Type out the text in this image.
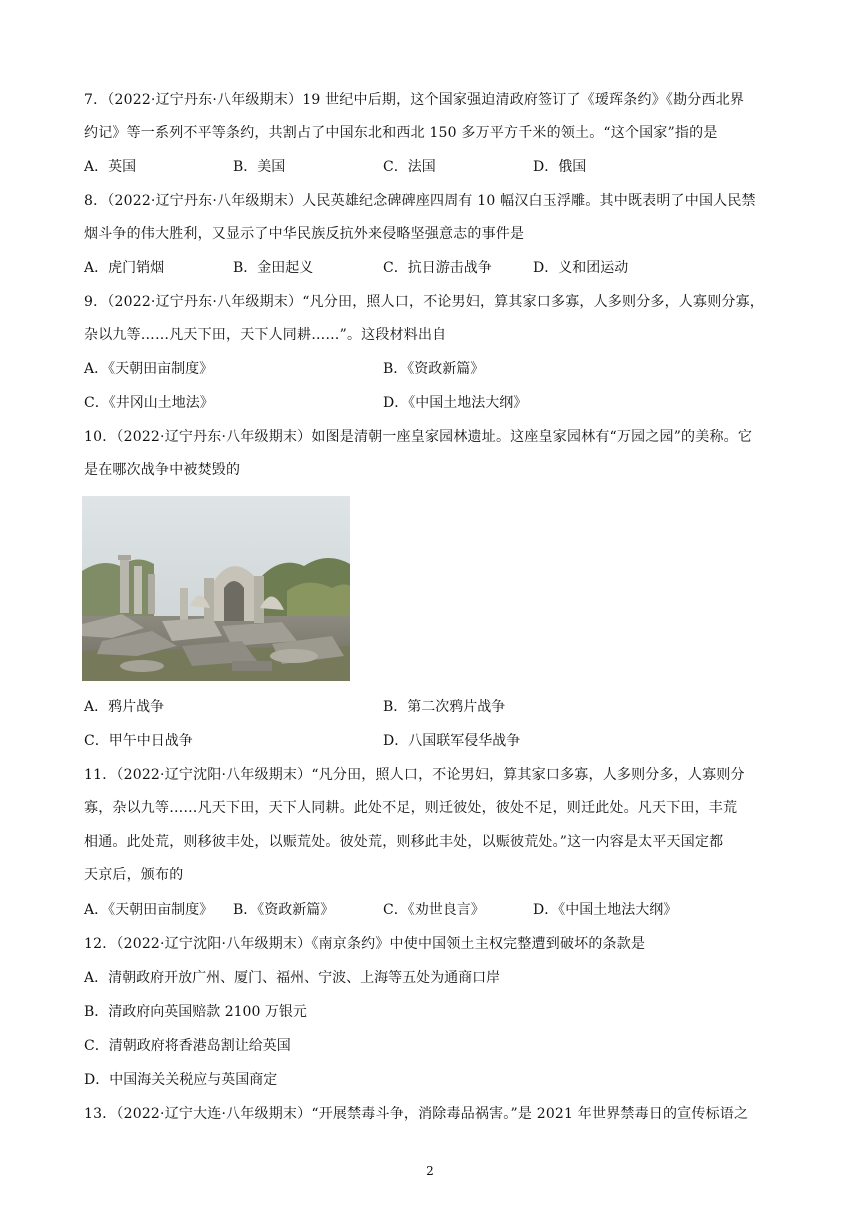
7．（2022·辽宁丹东·八年级期末）19 世纪中后期，这个国家强迫清政府签订了《瑷珲条约》《勘分西北界
约记》等一系列不平等条约，共割占了中国东北和西北 150 多万平方千米的领土。“这个国家”指的是
A．英国	B．美国	C．法国	D．俄国
8．（2022·辽宁丹东·八年级期末）人民英雄纪念碑碑座四周有 10 幅汉白玉浮雕。其中既表明了中国人民禁
烟斗争的伟大胜利，又显示了中华民族反抗外来侵略坚强意志的事件是
A．虎门销烟	B．金田起义	C．抗日游击战争	D．义和团运动
9．（2022·辽宁丹东·八年级期末）“凡分田，照人口，不论男妇，算其家口多寡，人多则分多，人寡则分寡，
杂以九等……凡天下田，天下人同耕……”。这段材料出自
A．《天朝田亩制度》	B．《资政新篇》
C．《井冈山土地法》	D．《中国土地法大纲》
10．（2022·辽宁丹东·八年级期末）如图是清朝一座皇家园林遗址。这座皇家园林有“万园之园”的美称。它
是在哪次战争中被焚毁的
A．鸦片战争	B．第二次鸦片战争
C．甲午中日战争	D．八国联军侵华战争
11．（2022·辽宁沈阳·八年级期末）“凡分田，照人口，不论男妇，算其家口多寡，人多则分多，人寡则分
寡，杂以九等……凡天下田，天下人同耕。此处不足，则迁彼处，彼处不足，则迁此处。凡天下田，丰荒
相通。此处荒，则移彼丰处，以赈荒处。彼处荒，则移此丰处，以赈彼荒处。”这一内容是太平天国定都
天京后，颁布的
A．《天朝田亩制度》 B．《资政新篇》	C．《劝世良言》	D．《中国土地法大纲》
12．（2022·辽宁沈阳·八年级期末）《南京条约》中使中国领土主权完整遭到破坏的条款是
A．清朝政府开放广州、厦门、福州、宁波、上海等五处为通商口岸
B．清政府向英国赔款 2100 万银元
C．清朝政府将香港岛割让给英国
D．中国海关关税应与英国商定
13．（2022·辽宁大连·八年级期末）“开展禁毒斗争，消除毒品祸害。”是 2021 年世界禁毒日的宣传标语之
2
